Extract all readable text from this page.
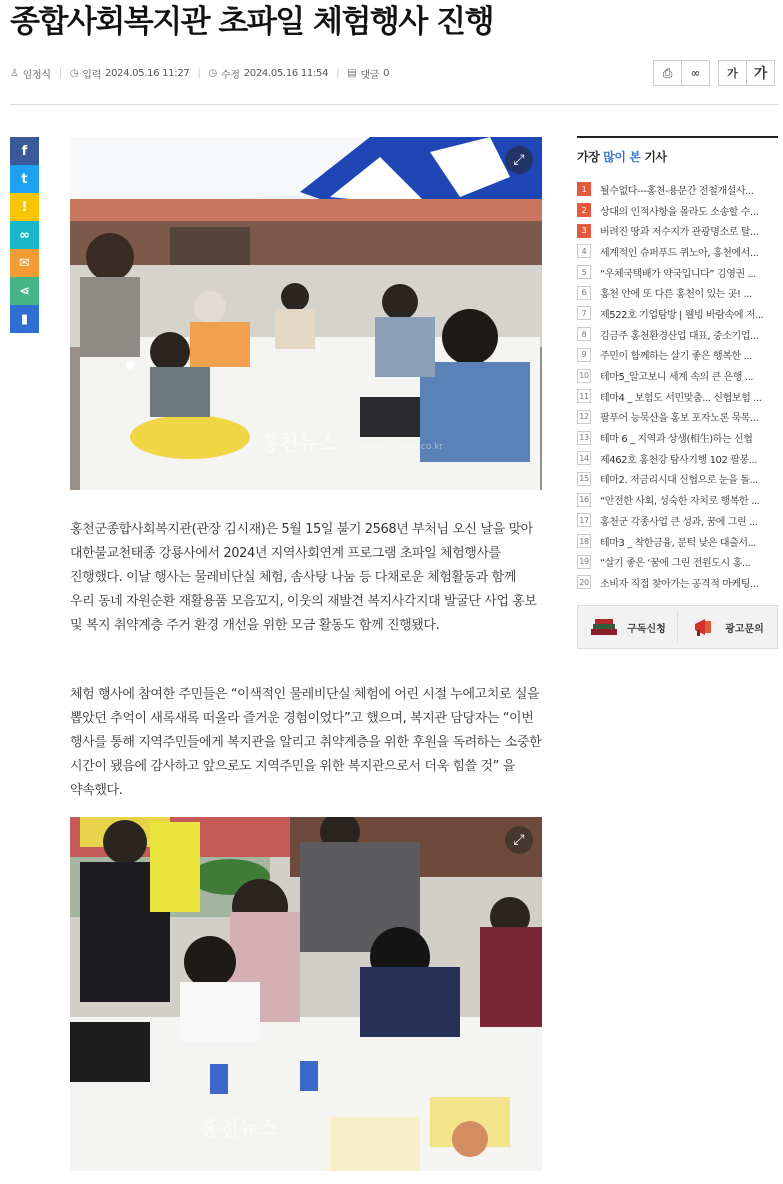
종합사회복지관 초파일 체험행사 진행
♙ 임정식 | ◷ 입력 2024.05.16 11:27 | ◷ 수정 2024.05.16 11:54 | ▤ 댓글 0	⎙ ∞	가	가
f
t
!
∞
✉
⋖
▮
⤢
홍천뉴스	www.hcnews.co.kr
홍천군종합사회복지관(관장 김시재)은 5월 15일 불기 2568년 부처님 오신 날을 맞아 대한불교천태종 강룡사에서 2024년 지역사회연계 프로그램 초파일 체험행사를 진행했다. 이날 행사는 물레비단실 체험, 솜사탕 나눔 등 다채로운 체험활동과 함께 우리 동네 자원순환 재활용품 모음꼬지, 이웃의 재발견 복지사각지대 발굴단 사업 홍보 및 복지 취약계층 주거 환경 개선을 위한 모금 활동도 함께 진행됐다.
체험 행사에 참여한 주민들은 “이색적인 물레비단실 체험에 어린 시절 누에고치로 실을 뽑았던 추억이 새록새록 떠올라 즐거운 경험이었다”고 했으며, 복지관 담당자는 “이번 행사를 통해 지역주민들에게 복지관을 알리고 취약계층을 위한 후원을 독려하는 소중한 시간이 됐음에 감사하고 앞으로도 지역주민을 위한 복지관으로서 더욱 힘쓸 것” 을 약속했다.
⤢
홍천뉴스
가장 많이 본 기사
1	될수없다---홍천-용문간 전철개설사...
2	상대의 인적사항을 몰라도 소송할 수...
3	버려진 땅과 저수지가 관광명소로 탈...
4	세계적인 슈퍼푸드 퀴노아, 홍천에서...
5	“우체국택배가 약국입니다” 김영권 ...
6	홍천 안에 또 다른 홍천이 있는 곳! ...
7	제522호 기업탐방 | 웰빙 바람속에 저...
8	김금주 홍천환경산업 대표, 중소기업...
9	주민이 함께하는 살기 좋은 행복한 ...
10 테마5_알고보니 세계 속의 큰 은행 ...
11 테마4 _ 보험도 서민맞춤... 신협보험 ...
12 팔푸어 능묵산을 홍보 포자노론 묵목...
13 테마 6 _ 지역과 상생(相生)하는 신협
14 제462호 홍천강 탐사기행 102 팔봉...
15 테마2. 저금리시대 신협으로 눈을 돌...
16 “안전한 사회, 성숙한 자치로 행복한 ...
17 홍천군 각종사업 큰 성과, 꿈에 그린 ...
18 테마3 _ 착한금융, 문턱 낮은 대출서...
19 “살기 좋은 ‘꿈에 그린 전원도시 홍...
20 소비자 직접 찾아가는 공격적 마케팅...
구독신청	광고문의
